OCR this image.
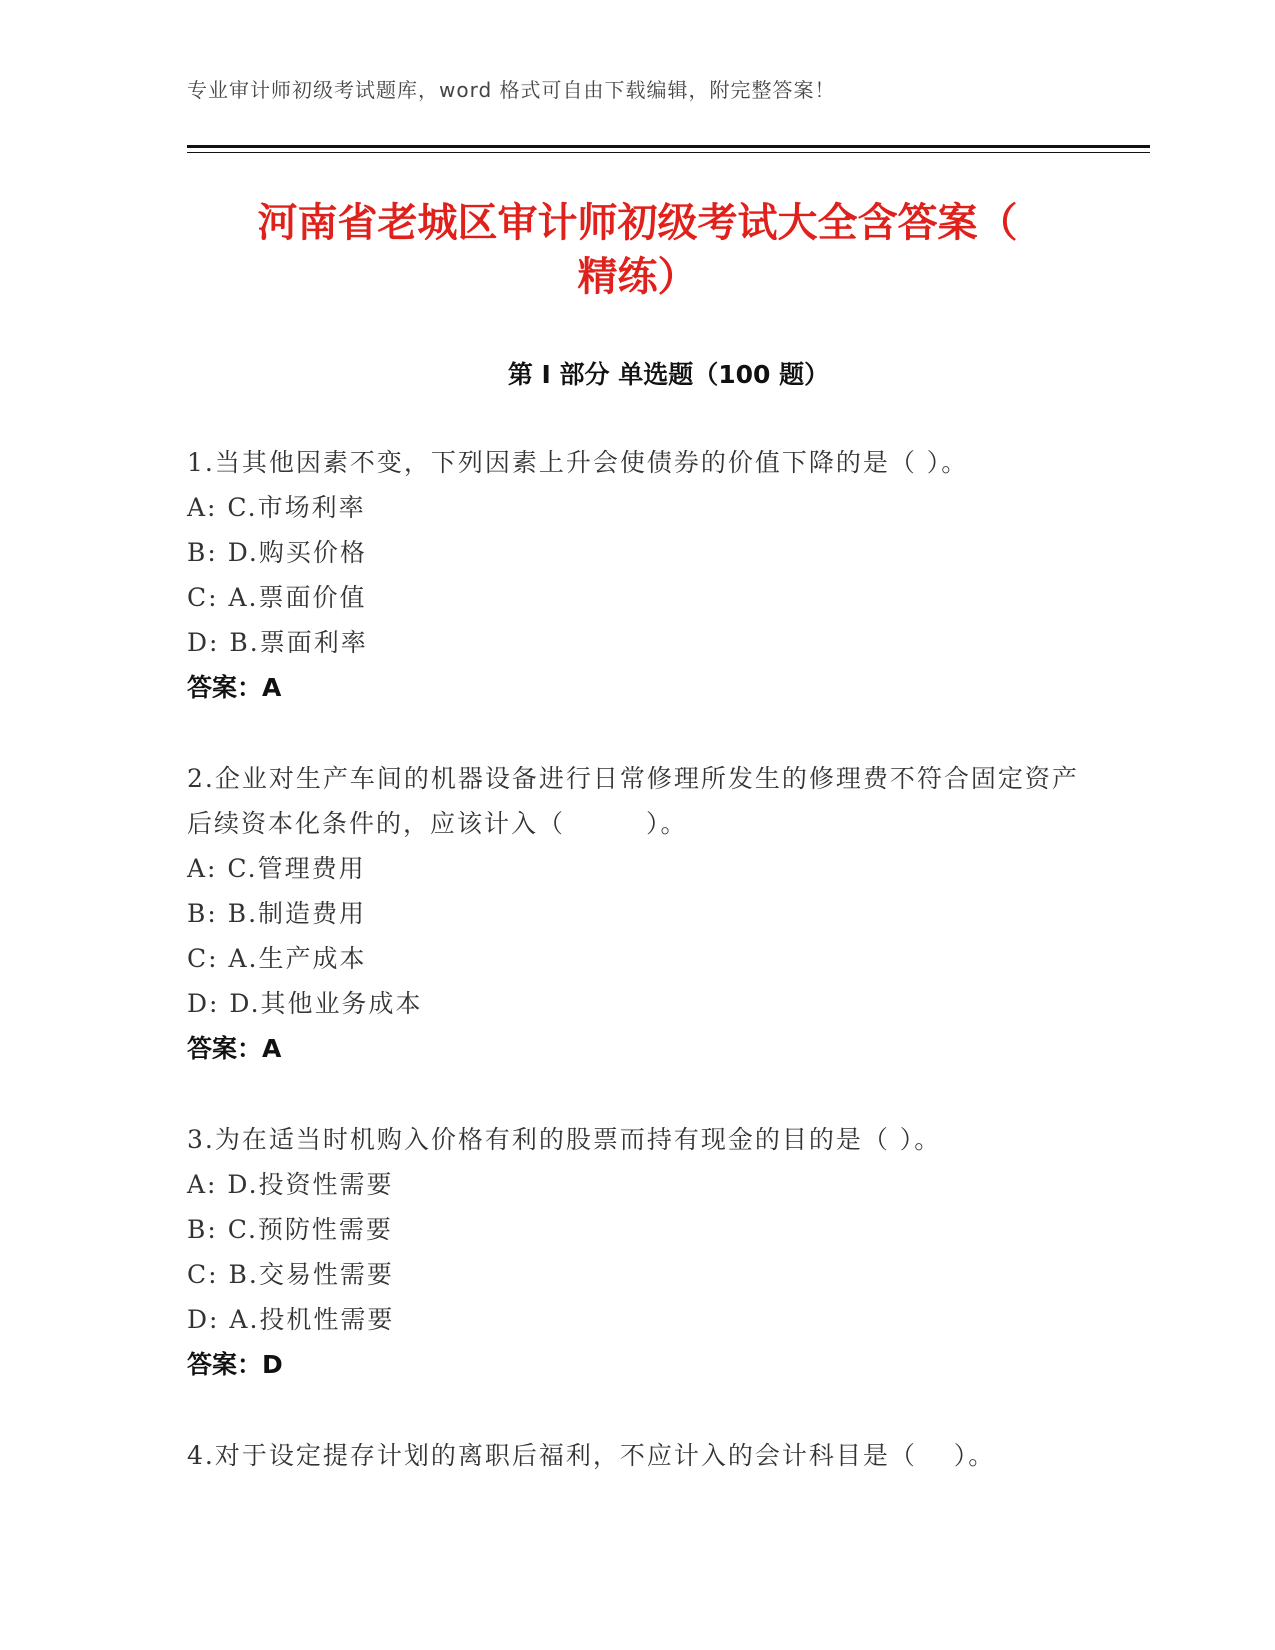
专业审计师初级考试题库，word 格式可自由下载编辑，附完整答案！
河南省老城区审计师初级考试大全含答案（
精练）
第 I 部分 单选题（100 题）

1.当其他因素不变，下列因素上升会使债券的价值下降的是（ ）。

A: C.市场利率

B: D.购买价格

C: A.票面价值

D: B.票面利率

答案：A

2.企业对生产车间的机器设备进行日常修理所发生的修理费不符合固定资产后续资本化条件的，应该计入（　　　）。

A: C.管理费用

B: B.制造费用

C: A.生产成本

D: D.其他业务成本

答案：A

3.为在适当时机购入价格有利的股票而持有现金的目的是（ ）。

A: D.投资性需要

B: C.预防性需要

C: B.交易性需要

D: A.投机性需要

答案：D

4.对于设定提存计划的离职后福利，不应计入的会计科目是（　 ）。
